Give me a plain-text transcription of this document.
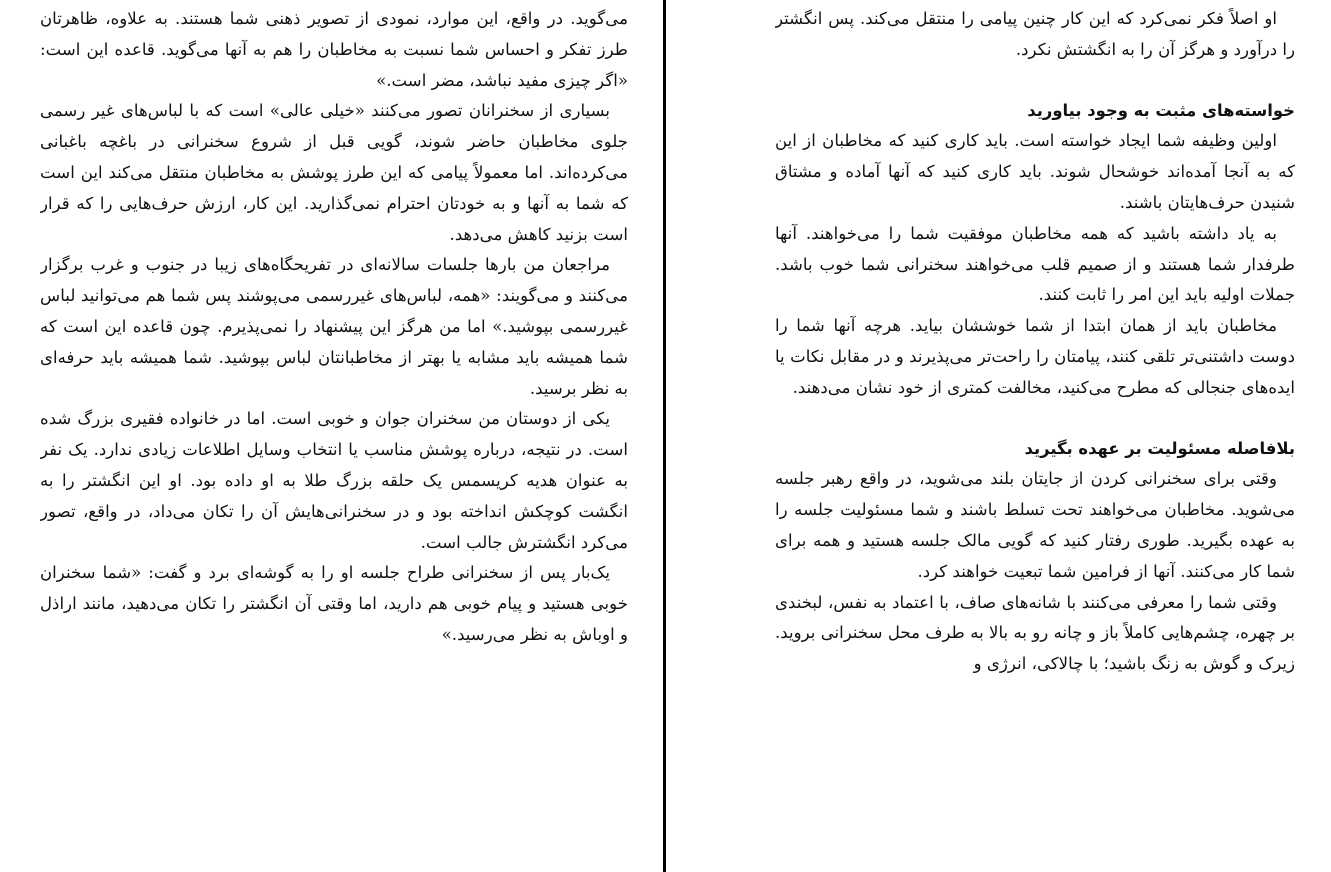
می‌گوید. در واقع، این موارد، نمودی از تصویر ذهنی شما هستند. به علاوه، ظاهرتان طرز تفکر و احساس شما نسبت به مخاطبان را هم به آنها می‌گوید. قاعده این است: «اگر چیزی مفید نباشد، مضر است.»

بسیاری از سخنرانان تصور می‌کنند «خیلی عالی» است که با لباس‌های غیر رسمی جلوی مخاطبان حاضر شوند، گویی قبل از شروع سخنرانی در باغچه باغبانی می‌کرده‌اند. اما معمولاً پیامی که این طرز پوشش به مخاطبان منتقل می‌کند این است که شما به آنها و به خودتان احترام نمی‌گذارید. این کار، ارزش حرف‌هایی را که قرار است بزنید کاهش می‌دهد.

مراجعان من بارها جلسات سالانه‌ای در تفریحگاه‌های زیبا در جنوب و غرب برگزار می‌کنند و می‌گویند: «همه، لباس‌های غیررسمی می‌پوشند پس شما هم می‌توانید لباس غیررسمی بپوشید.» اما من هرگز این پیشنهاد را نمی‌پذیرم. چون قاعده این است که شما همیشه باید مشابه یا بهتر از مخاطبانتان لباس بپوشید. شما همیشه باید حرفه‌ای به نظر برسید.

یکی از دوستان من سخنران جوان و خوبی است. اما در خانواده فقیری بزرگ شده است. در نتیجه، درباره پوشش مناسب یا انتخاب وسایل اطلاعات زیادی ندارد. یک نفر به عنوان هدیه کریسمس یک حلقه بزرگ طلا به او داده بود. او این انگشتر را به انگشت کوچکش انداخته بود و در سخنرانی‌هایش آن را تکان می‌داد، در واقع، تصور می‌کرد انگشترش جالب است.

یک‌بار پس از سخنرانی طراح جلسه او را به گوشه‌ای برد و گفت: «شما سخنران خوبی هستید و پیام خوبی هم دارید، اما وقتی آن انگشتر را تکان می‌دهید، مانند اراذل و اوباش به نظر می‌رسید.»

او اصلاً فکر نمی‌کرد که این کار چنین پیامی را منتقل می‌کند. پس انگشتر را درآورد و هرگز آن را به انگشتش نکرد.

خواسته‌های مثبت به وجود بیاورید

اولین وظیفه شما ایجاد خواسته است. باید کاری کنید که مخاطبان از این که به آنجا آمده‌اند خوشحال شوند. باید کاری کنید که آنها آماده و مشتاق شنیدن حرف‌هایتان باشند.

به یاد داشته باشید که همه مخاطبان موفقیت شما را می‌خواهند. آنها طرفدار شما هستند و از صمیم قلب می‌خواهند سخنرانی شما خوب باشد. جملات اولیه باید این امر را ثابت کنند.

مخاطبان باید از همان ابتدا از شما خوششان بیاید. هرچه آنها شما را دوست داشتنی‌تر تلقی کنند، پیامتان را راحت‌تر می‌پذیرند و در مقابل نکات یا ایده‌های جنجالی که مطرح می‌کنید، مخالفت کمتری از خود نشان می‌دهند.

بلافاصله مسئولیت بر عهده بگیرید

وقتی برای سخنرانی کردن از جایتان بلند می‌شوید، در واقع رهبر جلسه می‌شوید. مخاطبان می‌خواهند تحت تسلط باشند و شما مسئولیت جلسه را به عهده بگیرید. طوری رفتار کنید که گویی مالک جلسه هستید و همه برای شما کار می‌کنند. آنها از فرامین شما تبعیت خواهند کرد.

وقتی شما را معرفی می‌کنند با شانه‌های صاف، با اعتماد به نفس، لبخندی بر چهره، چشم‌هایی کاملاً باز و چانه رو به بالا به طرف محل سخنرانی بروید. زیرک و گوش به زنگ باشید؛ با چالاکی، انرژی و
